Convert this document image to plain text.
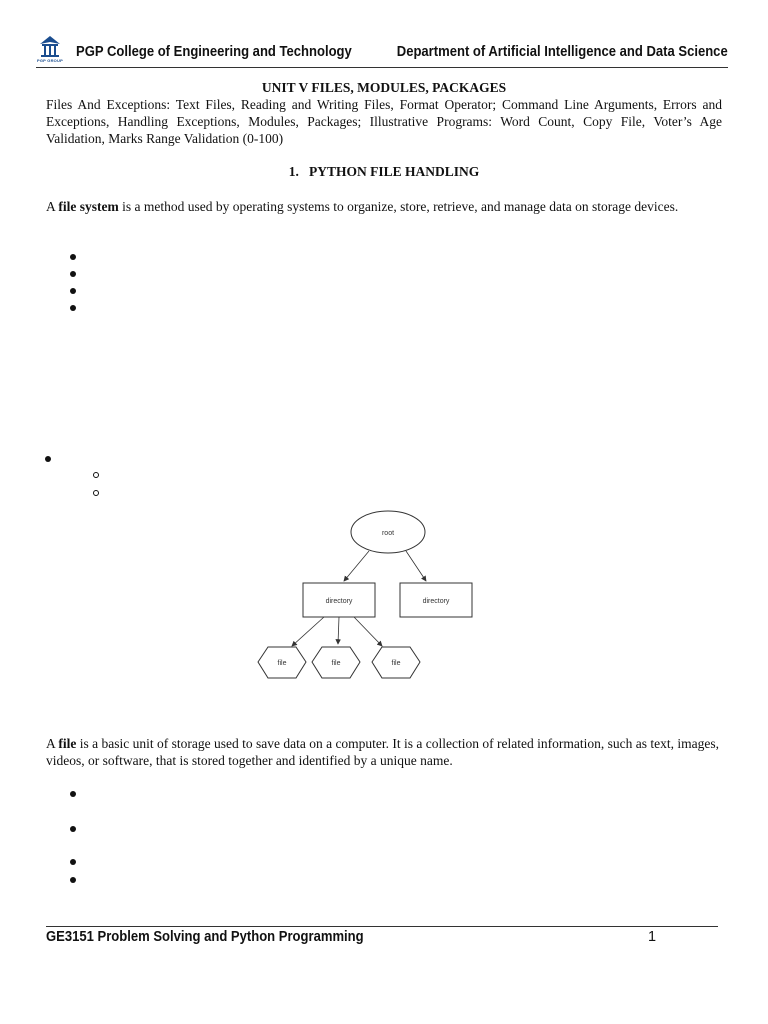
PGP GROUP
PGP College of Engineering and Technology	Department of Artificial Intelligence and Data Science
UNIT V FILES, MODULES, PACKAGES
Files And Exceptions: Text Files, Reading and Writing Files, Format Operator; Command Line Arguments, Errors and Exceptions, Handling Exceptions, Modules, Packages; Illustrative Programs: Word Count, Copy File, Voter’s Age Validation, Marks Range Validation (0-100)
1. PYTHON FILE HANDLING
A file system is a method used by operating systems to organize, store, retrieve, and manage data on storage devices.
root
directory	directory
file	file	file
A file is a basic unit of storage used to save data on a computer. It is a collection of related information, such as text, images, videos, or software, that is stored together and identified by a unique name.
GE3151 Problem Solving and Python Programming	1
